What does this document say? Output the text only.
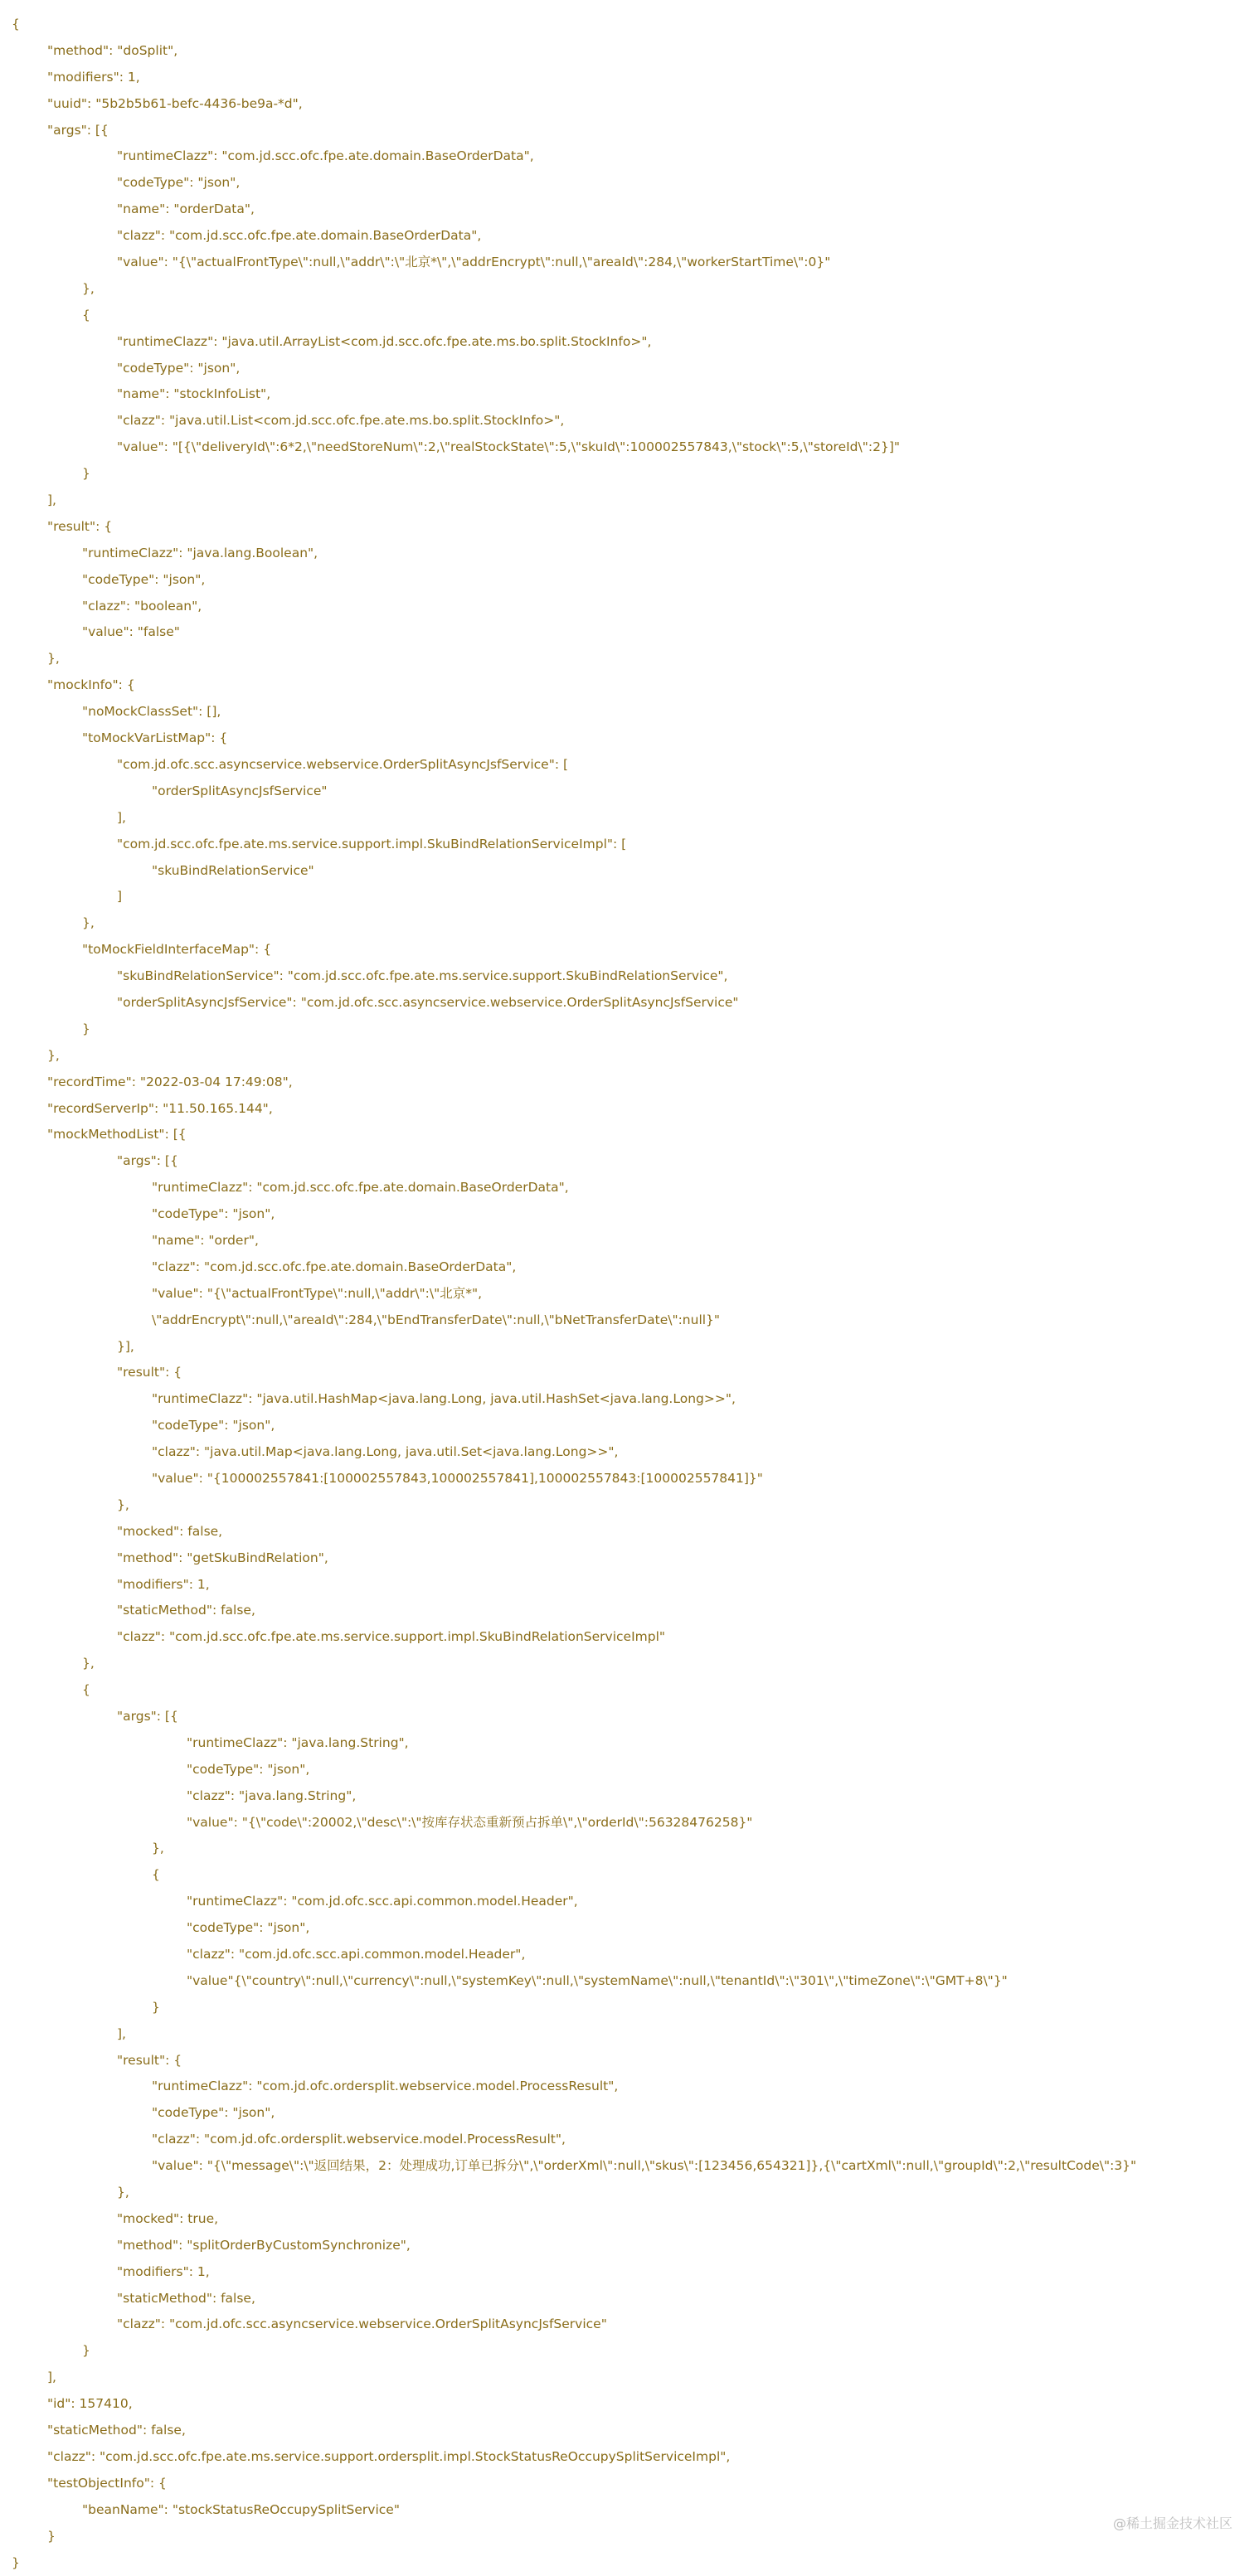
{
"method": "doSplit",
"modifiers": 1,
"uuid": "5b2b5b61-befc-4436-be9a-*d",
"args": [{
"runtimeClazz": "com.jd.scc.ofc.fpe.ate.domain.BaseOrderData",
"codeType": "json",
"name": "orderData",
"clazz": "com.jd.scc.ofc.fpe.ate.domain.BaseOrderData",
"value": "{\"actualFrontType\":null,\"addr\":\"北京*\",\"addrEncrypt\":null,\"areaId\":284,\"workerStartTime\":0}"
},
{
"runtimeClazz": "java.util.ArrayList<com.jd.scc.ofc.fpe.ate.ms.bo.split.StockInfo>",
"codeType": "json",
"name": "stockInfoList",
"clazz": "java.util.List<com.jd.scc.ofc.fpe.ate.ms.bo.split.StockInfo>",
"value": "[{\"deliveryId\":6*2,\"needStoreNum\":2,\"realStockState\":5,\"skuId\":100002557843,\"stock\":5,\"storeId\":2}]"
}
],
"result": {
"runtimeClazz": "java.lang.Boolean",
"codeType": "json",
"clazz": "boolean",
"value": "false"
},
"mockInfo": {
"noMockClassSet": [],
"toMockVarListMap": {
"com.jd.ofc.scc.asyncservice.webservice.OrderSplitAsyncJsfService": [
"orderSplitAsyncJsfService"
],
"com.jd.scc.ofc.fpe.ate.ms.service.support.impl.SkuBindRelationServiceImpl": [
"skuBindRelationService"
]
},
"toMockFieldInterfaceMap": {
"skuBindRelationService": "com.jd.scc.ofc.fpe.ate.ms.service.support.SkuBindRelationService",
"orderSplitAsyncJsfService": "com.jd.ofc.scc.asyncservice.webservice.OrderSplitAsyncJsfService"
}
},
"recordTime": "2022-03-04 17:49:08",
"recordServerIp": "11.50.165.144",
"mockMethodList": [{
"args": [{
"runtimeClazz": "com.jd.scc.ofc.fpe.ate.domain.BaseOrderData",
"codeType": "json",
"name": "order",
"clazz": "com.jd.scc.ofc.fpe.ate.domain.BaseOrderData",
"value": "{\"actualFrontType\":null,\"addr\":\"北京*",
\"addrEncrypt\":null,\"areaId\":284,\"bEndTransferDate\":null,\"bNetTransferDate\":null}"
}],
"result": {
"runtimeClazz": "java.util.HashMap<java.lang.Long, java.util.HashSet<java.lang.Long>>",
"codeType": "json",
"clazz": "java.util.Map<java.lang.Long, java.util.Set<java.lang.Long>>",
"value": "{100002557841:[100002557843,100002557841],100002557843:[100002557841]}"
},
"mocked": false,
"method": "getSkuBindRelation",
"modifiers": 1,
"staticMethod": false,
"clazz": "com.jd.scc.ofc.fpe.ate.ms.service.support.impl.SkuBindRelationServiceImpl"
},
{
"args": [{
"runtimeClazz": "java.lang.String",
"codeType": "json",
"clazz": "java.lang.String",
"value": "{\"code\":20002,\"desc\":\"按库存状态重新预占拆单\",\"orderId\":56328476258}"
},
{
"runtimeClazz": "com.jd.ofc.scc.api.common.model.Header",
"codeType": "json",
"clazz": "com.jd.ofc.scc.api.common.model.Header",
"value"{\"country\":null,\"currency\":null,\"systemKey\":null,\"systemName\":null,\"tenantId\":\"301\",\"timeZone\":\"GMT+8\"}"
}
],
"result": {
"runtimeClazz": "com.jd.ofc.ordersplit.webservice.model.ProcessResult",
"codeType": "json",
"clazz": "com.jd.ofc.ordersplit.webservice.model.ProcessResult",
"value": "{\"message\":\"返回结果，2：处理成功,订单已拆分\",\"orderXml\":null,\"skus\":[123456,654321]},{\"cartXml\":null,\"groupId\":2,\"resultCode\":3}"
},
"mocked": true,
"method": "splitOrderByCustomSynchronize",
"modifiers": 1,
"staticMethod": false,
"clazz": "com.jd.ofc.scc.asyncservice.webservice.OrderSplitAsyncJsfService"
}
],
"id": 157410,
"staticMethod": false,
"clazz": "com.jd.scc.ofc.fpe.ate.ms.service.support.ordersplit.impl.StockStatusReOccupySplitServiceImpl",
"testObjectInfo": {
"beanName": "stockStatusReOccupySplitService"
}
}
@稀土掘金技术社区
